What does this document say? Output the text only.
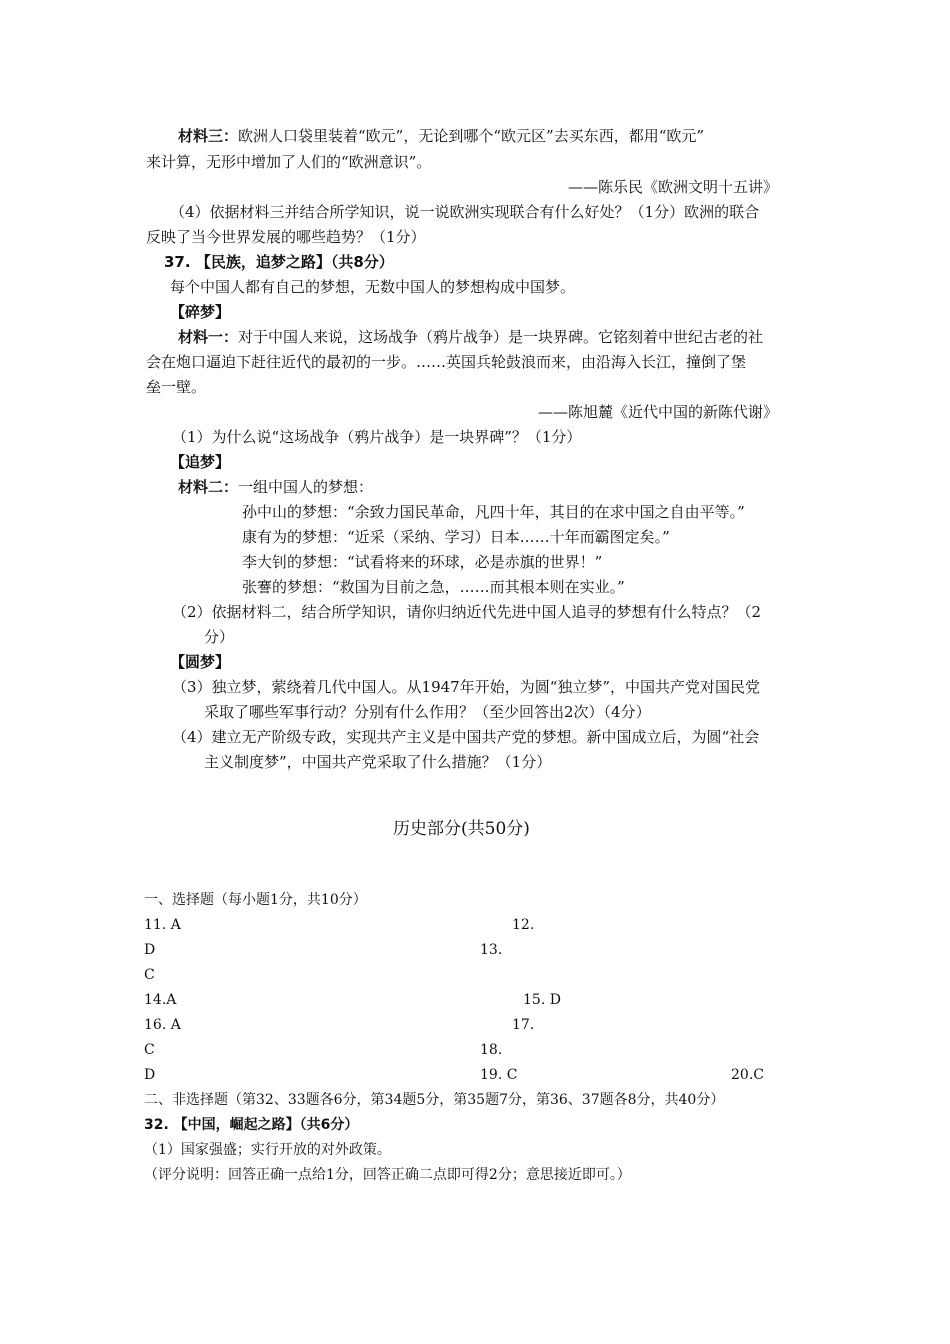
材料三：欧洲人口袋里装着“欧元”，无论到哪个“欧元区”去买东西，都用“欧元”
来计算，无形中增加了人们的“欧洲意识”。
——陈乐民《欧洲文明十五讲》
（4）依据材料三并结合所学知识，说一说欧洲实现联合有什么好处？（1分）欧洲的联合
反映了当今世界发展的哪些趋势？（1分）
37. 【民族，追梦之路】（共8分）
每个中国人都有自己的梦想，无数中国人的梦想构成中国梦。
【碎梦】
材料一：对于中国人来说，这场战争（鸦片战争）是一块界碑。它铭刻着中世纪古老的社
会在炮口逼迫下赶往近代的最初的一步。……英国兵轮鼓浪而来，由沿海入长江，撞倒了堡
垒一壁。
——陈旭麓《近代中国的新陈代谢》
（1）为什么说“这场战争（鸦片战争）是一块界碑”？（1分）
【追梦】
材料二：一组中国人的梦想：
孙中山的梦想：“余致力国民革命，凡四十年，其目的在求中国之自由平等。”
康有为的梦想：“近采（采纳、学习）日本……十年而霸图定矣。”
李大钊的梦想：“试看将来的环球，必是赤旗的世界！”
张謇的梦想：“救国为目前之急，……而其根本则在实业。”
（2）依据材料二，结合所学知识，请你归纳近代先进中国人追寻的梦想有什么特点？（2
分）
【圆梦】
（3）独立梦，萦绕着几代中国人。从1947年开始，为圆“独立梦”，中国共产党对国民党
采取了哪些军事行动？分别有什么作用？（至少回答出2次）（4分）
（4）建立无产阶级专政，实现共产主义是中国共产党的梦想。新中国成立后，为圆“社会
主义制度梦”，中国共产党采取了什么措施？（1分）
历史部分(共50分)
一、选择题（每小题1分，共10分）
11. A	12.
D	13.
C
14.A	15. D
16. A	17.
C	18.
D	19. C	20.C
二、非选择题（第32、33题各6分，第34题5分，第35题7分，第36、37题各8分，共40分）
32. 【中国，崛起之路】（共6分）
（1）国家强盛；实行开放的对外政策。
（评分说明：回答正确一点给1分，回答正确二点即可得2分；意思接近即可。）
